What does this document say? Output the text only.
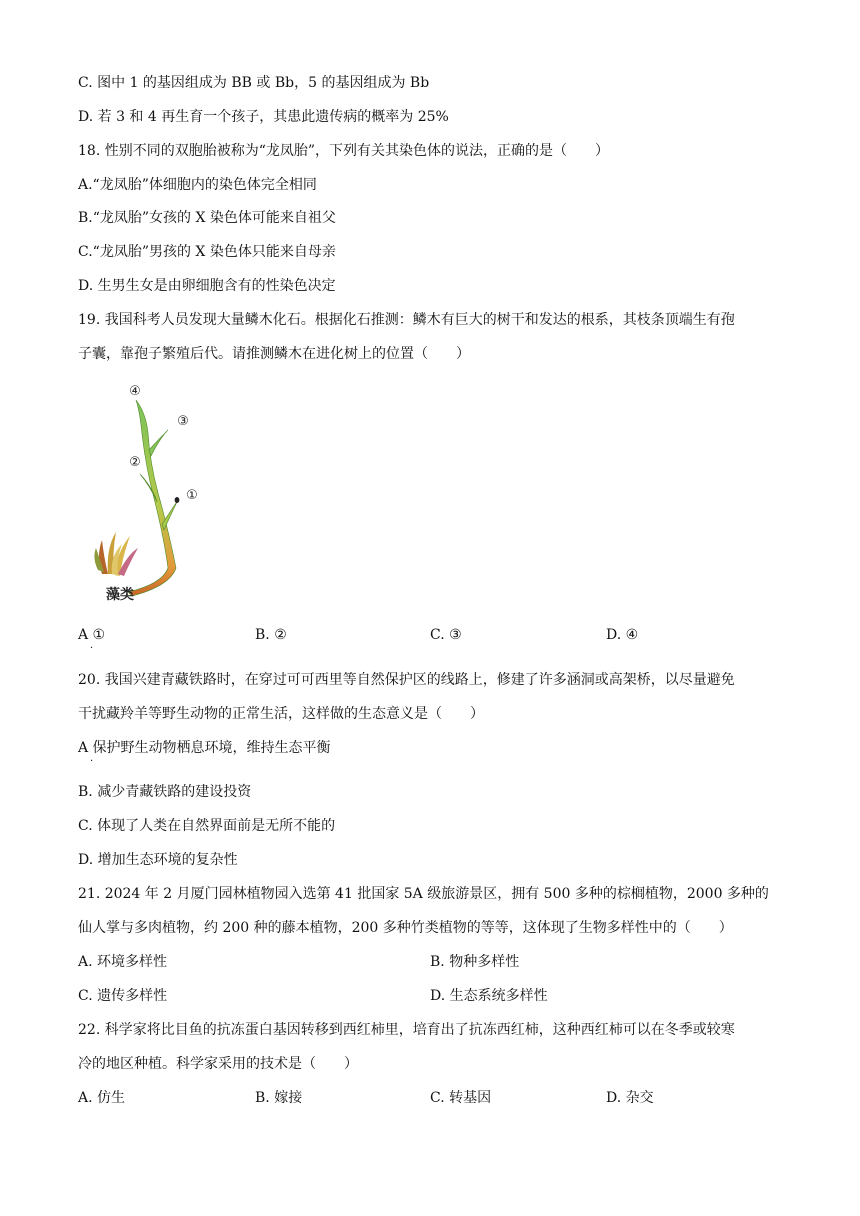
C. 图中 1 的基因组成为 BB 或 Bb，5 的基因组成为 Bb
D. 若 3 和 4 再生育一个孩子，其患此遗传病的概率为 25%
18. 性别不同的双胞胎被称为“龙凤胎”，下列有关其染色体的说法，正确的是（　　）
A.“龙凤胎”体细胞内的染色体完全相同
B.“龙凤胎”女孩的 X 染色体可能来自祖父
C.“龙凤胎”男孩的 X 染色体只能来自母亲
D. 生男生女是由卵细胞含有的性染色决定
19. 我国科考人员发现大量鳞木化石。根据化石推测：鳞木有巨大的树干和发达的根系，其枝条顶端生有孢
子囊，靠孢子繁殖后代。请推测鳞木在进化树上的位置（　　）
④
③
②
①
藻类
A ①
·
B. ②	C. ③	D. ④
20. 我国兴建青藏铁路时，在穿过可可西里等自然保护区的线路上，修建了许多涵洞或高架桥，以尽量避免
干扰藏羚羊等野生动物的正常生活，这样做的生态意义是（　　）
A 保护野生动物栖息环境，维持生态平衡
·
B. 减少青藏铁路的建设投资
C. 体现了人类在自然界面前是无所不能的
D. 增加生态环境的复杂性
21. 2024 年 2 月厦门园林植物园入选第 41 批国家 5A 级旅游景区，拥有 500 多种的棕榈植物，2000 多种的
仙人掌与多肉植物，约 200 种的藤本植物，200 多种竹类植物的等等，这体现了生物多样性中的（　　）
A. 环境多样性	B. 物种多样性
C. 遗传多样性	D. 生态系统多样性
22. 科学家将比目鱼的抗冻蛋白基因转移到西红柿里，培育出了抗冻西红柿，这种西红柿可以在冬季或较寒
冷的地区种植。科学家采用的技术是（　　）
A. 仿生	B. 嫁接	C. 转基因	D. 杂交
